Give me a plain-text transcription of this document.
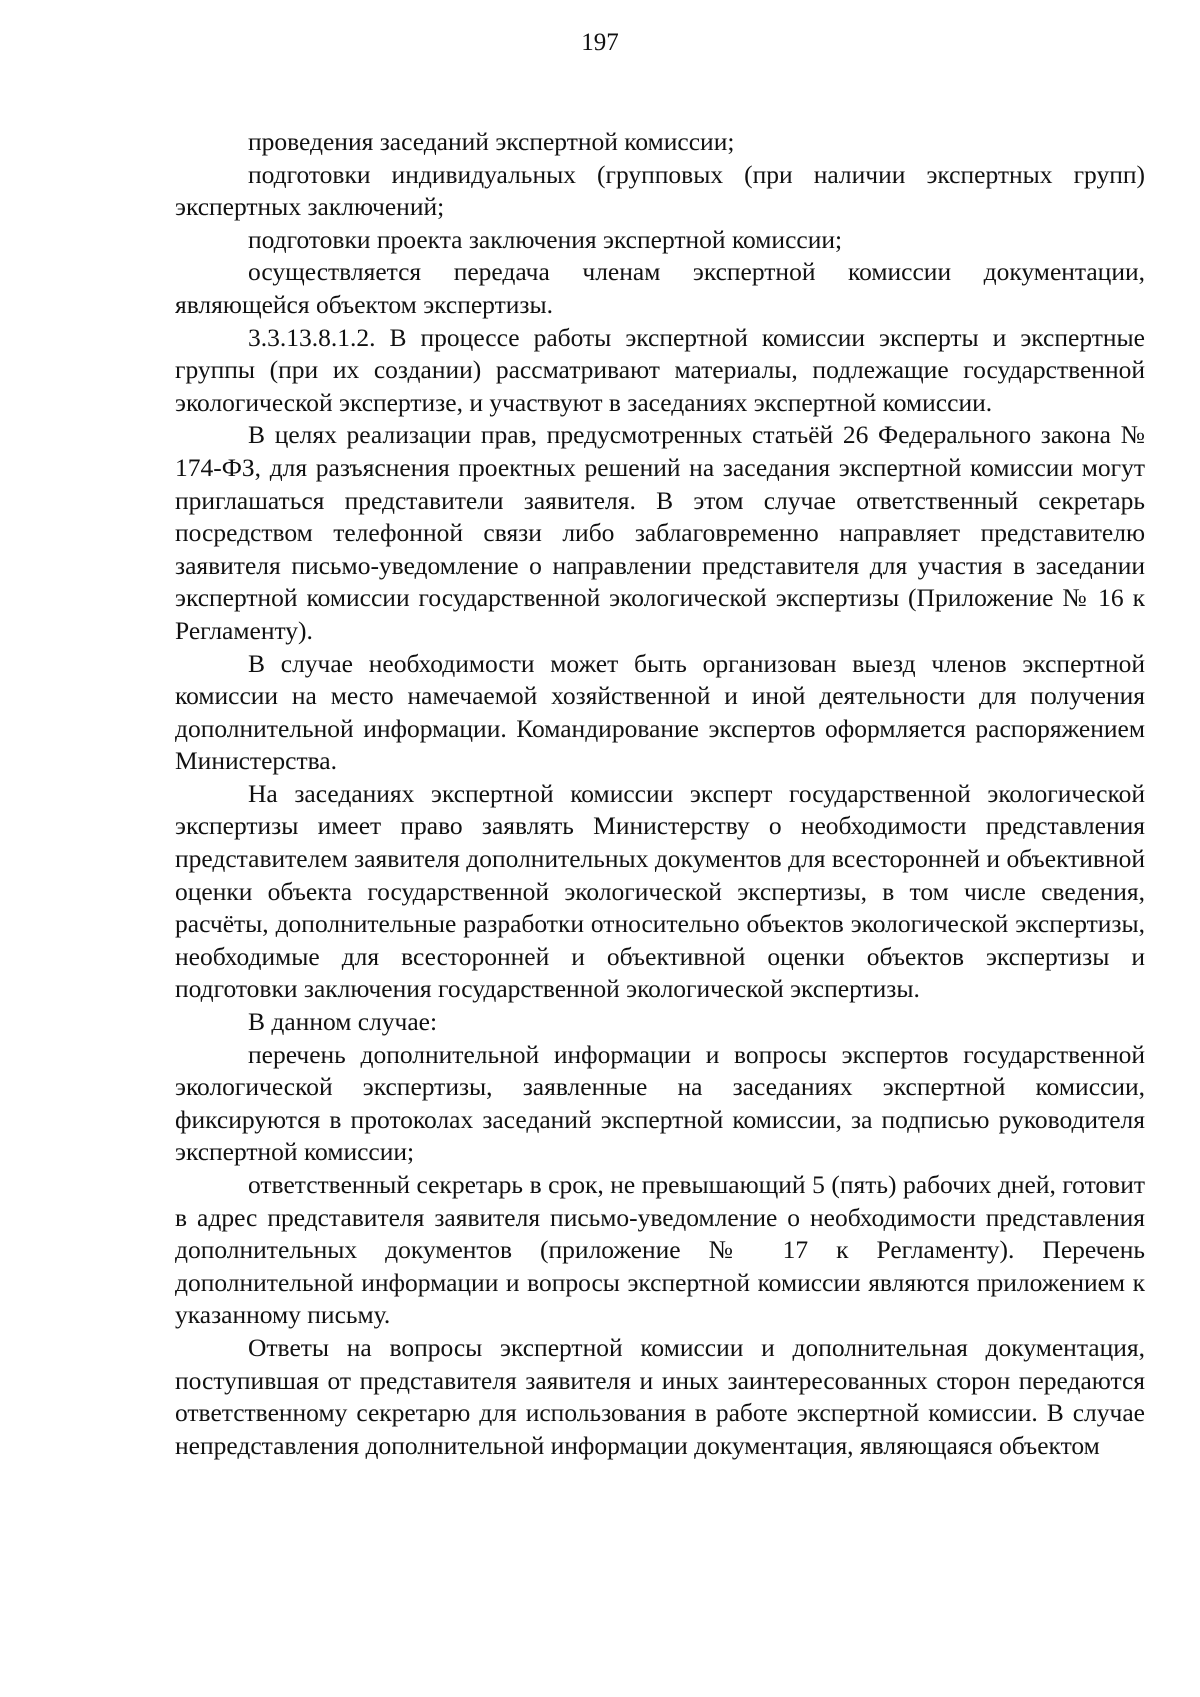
197

проведения заседаний экспертной комиссии;

подготовки индивидуальных (групповых (при наличии экспертных групп) экспертных заключений;

подготовки проекта заключения экспертной комиссии;

осуществляется передача членам экспертной комиссии документации, являющейся объектом экспертизы.

3.3.13.8.1.2. В процессе работы экспертной комиссии эксперты и экспертные группы (при их создании) рассматривают материалы, подлежащие государственной экологической экспертизе, и участвуют в заседаниях экспертной комиссии.

В целях реализации прав, предусмотренных статьёй 26 Федерального закона № 174-ФЗ, для разъяснения проектных решений на заседания экспертной комиссии могут приглашаться представители заявителя. В этом случае ответственный секретарь посредством телефонной связи либо заблаговременно направляет представителю заявителя письмо-уведомление о направлении представителя для участия в заседании экспертной комиссии государственной экологической экспертизы (Приложение № 16 к Регламенту).

В случае необходимости может быть организован выезд членов экспертной комиссии на место намечаемой хозяйственной и иной деятельности для получения дополнительной информации. Командирование экспертов оформляется распоряжением Министерства.

На заседаниях экспертной комиссии эксперт государственной экологической экспертизы имеет право заявлять Министерству о необходимости представления представителем заявителя дополнительных документов для всесторонней и объективной оценки объекта государственной экологической экспертизы, в том числе сведения, расчёты, дополнительные разработки относительно объектов экологической экспертизы, необходимые для всесторонней и объективной оценки объектов экспертизы и подготовки заключения государственной экологической экспертизы.

В данном случае:

перечень дополнительной информации и вопросы экспертов государственной экологической экспертизы, заявленные на заседаниях экспертной комиссии, фиксируются в протоколах заседаний экспертной комиссии, за подписью руководителя экспертной комиссии;

ответственный секретарь в срок, не превышающий 5 (пять) рабочих дней, готовит в адрес представителя заявителя письмо-уведомление о необходимости представления дополнительных документов (приложение № 17 к Регламенту). Перечень дополнительной информации и вопросы экспертной комиссии являются приложением к указанному письму.

Ответы на вопросы экспертной комиссии и дополнительная документация, поступившая от представителя заявителя и иных заинтересованных сторон передаются ответственному секретарю для использования в работе экспертной комиссии. В случае непредставления дополнительной информации документация, являющаяся объектом
